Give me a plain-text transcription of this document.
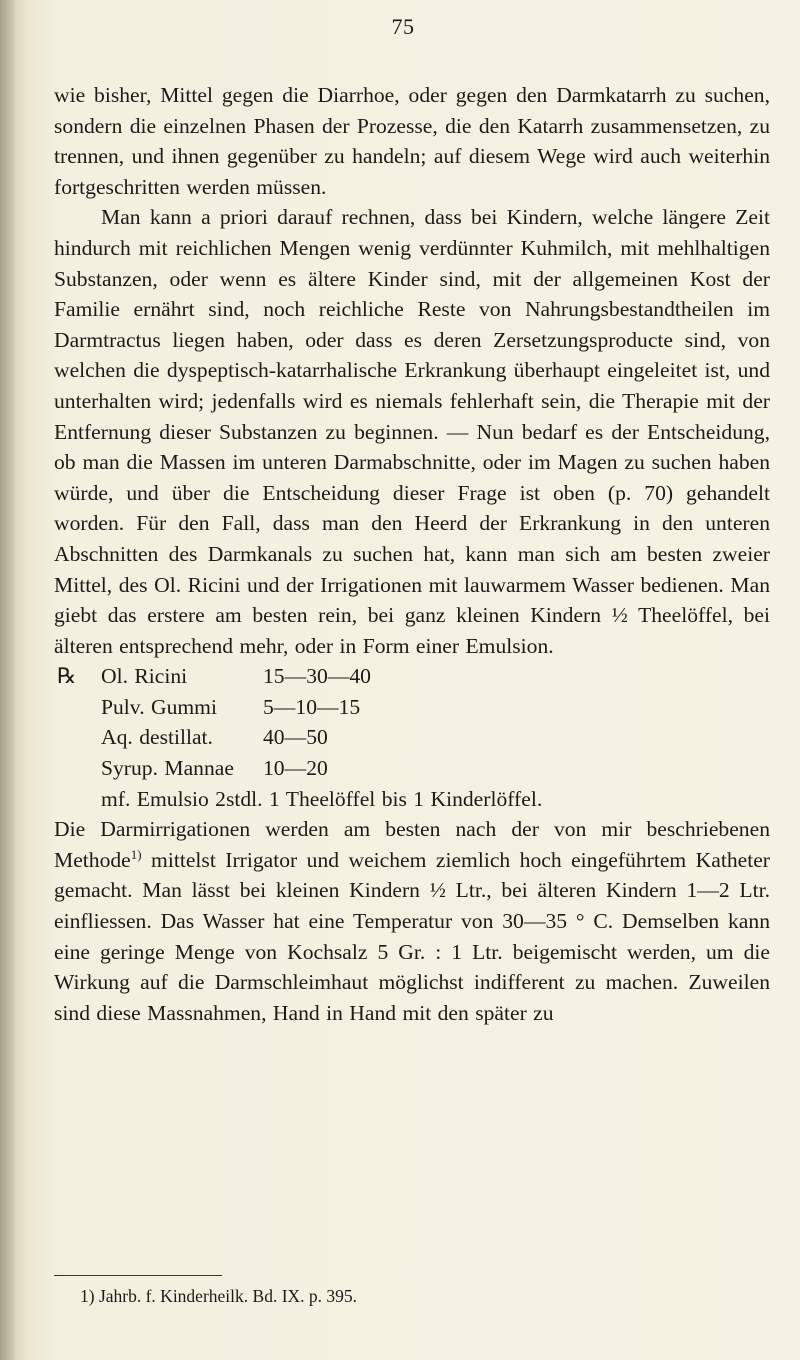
75

wie bisher, Mittel gegen die Diarrhoe, oder gegen den Darmkatarrh zu suchen, sondern die einzelnen Phasen der Prozesse, die den Katarrh zusammensetzen, zu trennen, und ihnen gegenüber zu handeln; auf diesem Wege wird auch weiterhin fortgeschritten werden müssen.

Man kann a priori darauf rechnen, dass bei Kindern, welche längere Zeit hindurch mit reichlichen Mengen wenig verdünnter Kuhmilch, mit mehlhaltigen Substanzen, oder wenn es ältere Kinder sind, mit der allgemeinen Kost der Familie ernährt sind, noch reichliche Reste von Nahrungsbestandtheilen im Darmtractus liegen haben, oder dass es deren Zersetzungsproducte sind, von welchen die dyspeptisch-katarrhalische Erkrankung überhaupt eingeleitet ist, und unterhalten wird; jedenfalls wird es niemals fehlerhaft sein, die Therapie mit der Entfernung dieser Substanzen zu beginnen. — Nun bedarf es der Entscheidung, ob man die Massen im unteren Darmabschnitte, oder im Magen zu suchen haben würde, und über die Entscheidung dieser Frage ist oben (p. 70) gehandelt worden. Für den Fall, dass man den Heerd der Erkrankung in den unteren Abschnitten des Darmkanals zu suchen hat, kann man sich am besten zweier Mittel, des Ol. Ricini und der Irrigationen mit lauwarmem Wasser bedienen. Man giebt das erstere am besten rein, bei ganz kleinen Kindern ½ Theelöffel, bei älteren entsprechend mehr, oder in Form einer Emulsion.

℞	Ol. Ricini	15—30—40
Pulv. Gummi	5—10—15
Aq. destillat.	40—50
Syrup. Mannae	10—20
mf. Emulsio 2stdl. 1 Theelöffel bis 1 Kinderlöffel.

Die Darmirrigationen werden am besten nach der von mir beschriebenen Methode$^{1)}$ mittelst Irrigator und weichem ziemlich hoch eingeführtem Katheter gemacht. Man lässt bei kleinen Kindern ½ Ltr., bei älteren Kindern 1—2 Ltr. einfliessen. Das Wasser hat eine Temperatur von 30—35 ° C. Demselben kann eine geringe Menge von Kochsalz 5 Gr. : 1 Ltr. beigemischt werden, um die Wirkung auf die Darmschleimhaut möglichst indifferent zu machen. Zuweilen sind diese Massnahmen, Hand in Hand mit den später zu

1) Jahrb. f. Kinderheilk. Bd. IX. p. 395.
